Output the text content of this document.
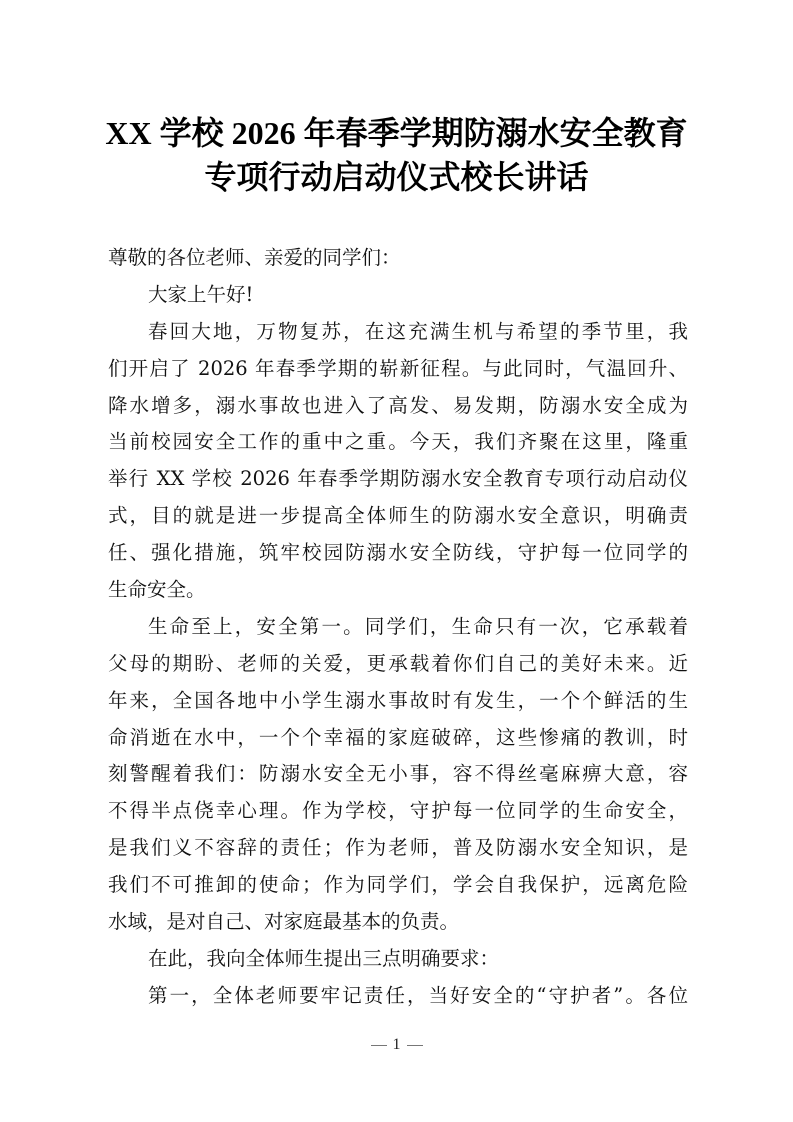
XX 学校 2026 年春季学期防溺水安全教育
专项行动启动仪式校长讲话
尊敬的各位老师、亲爱的同学们：
大家上午好!
春回大地，万物复苏，在这充满生机与希望的季节里，我
们开启了 2026 年春季学期的崭新征程。与此同时，气温回升、
降水增多，溺水事故也进入了高发、易发期，防溺水安全成为
当前校园安全工作的重中之重。今天，我们齐聚在这里，隆重
举行 XX 学校 2026 年春季学期防溺水安全教育专项行动启动仪
式，目的就是进一步提高全体师生的防溺水安全意识，明确责
任、强化措施，筑牢校园防溺水安全防线，守护每一位同学的
生命安全。
生命至上，安全第一。同学们，生命只有一次，它承载着
父母的期盼、老师的关爱，更承载着你们自己的美好未来。近
年来，全国各地中小学生溺水事故时有发生，一个个鲜活的生
命消逝在水中，一个个幸福的家庭破碎，这些惨痛的教训，时
刻警醒着我们：防溺水安全无小事，容不得丝毫麻痹大意，容
不得半点侥幸心理。作为学校，守护每一位同学的生命安全，
是我们义不容辞的责任；作为老师，普及防溺水安全知识，是
我们不可推卸的使命；作为同学们，学会自我保护，远离危险
水域，是对自己、对家庭最基本的负责。
在此，我向全体师生提出三点明确要求：
第一，全体老师要牢记责任，当好安全的“守护者”。各位
1
